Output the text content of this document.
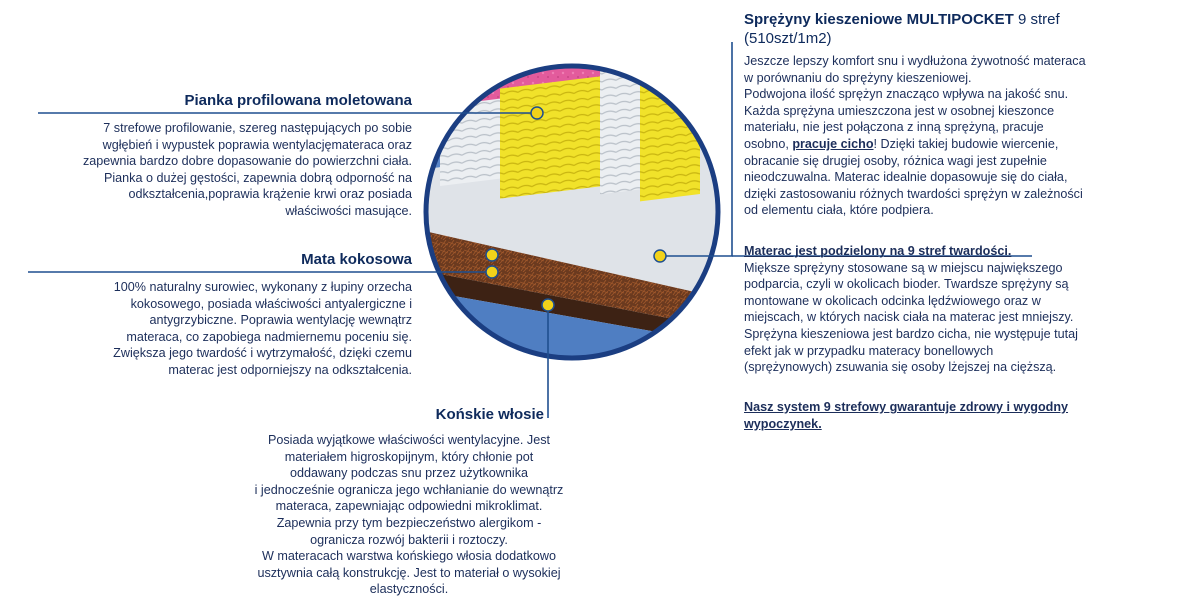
Pianka profilowana moletowana
7 strefowe profilowanie, szereg następujących po sobie
wgłębień i wypustek poprawia wentylacjęmateraca oraz
zapewnia bardzo dobre dopasowanie do powierzchni ciała.
Pianka o dużej gęstości, zapewnia dobrą odporność na
odkształcenia,poprawia krążenie krwi oraz posiada
właściwości masujące.
Mata kokosowa
100% naturalny surowiec, wykonany z łupiny orzecha
kokosowego, posiada właściwości antyalergiczne i
antygrzybiczne. Poprawia wentylację wewnątrz
materaca, co zapobiega nadmiernemu poceniu się.
Zwiększa jego twardość i wytrzymałość, dzięki czemu
materac jest odporniejszy na odkształcenia.
Końskie włosie
Posiada wyjątkowe właściwości wentylacyjne. Jest
materiałem higroskopijnym, który chłonie pot
oddawany podczas snu przez użytkownika
i jednocześnie ogranicza jego wchłanianie do wewnątrz
materaca, zapewniając odpowiedni mikroklimat.
Zapewnia przy tym bezpieczeństwo alergikom -
ogranicza rozwój bakterii i roztoczy.
W materacach warstwa końskiego włosia dodatkowo
usztywnia całą konstrukcję. Jest to materiał o wysokiej
elastyczności.
Sprężyny kieszeniowe MULTIPOCKET 9 stref
(510szt/1m2)
Jeszcze lepszy komfort snu i wydłużona żywotność materaca
w porównaniu do sprężyny kieszeniowej.
Podwojona ilość sprężyn znacząco wpływa na jakość snu.
Każda sprężyna umieszczona jest w osobnej kieszonce
materiału, nie jest połączona z inną sprężyną, pracuje
osobno, pracuje cicho! Dzięki takiej budowie wiercenie,
obracanie się drugiej osoby, różnica wagi jest zupełnie
nieodczuwalna. Materac idealnie dopasowuje się do ciała,
dzięki zastosowaniu różnych twardości sprężyn w zależności
od elementu ciała, które podpiera.
Materac jest podzielony na 9 stref twardości.
Miększe sprężyny stosowane są w miejscu największego
podparcia, czyli w okolicach bioder. Twardsze sprężyny są
montowane w okolicach odcinka lędźwiowego oraz w
miejscach, w których nacisk ciała na materac jest mniejszy.
Sprężyna kieszeniowa jest bardzo cicha, nie występuje tutaj
efekt jak w przypadku materacy bonellowych
(sprężynowych) zsuwania się osoby lżejszej na cięższą.
Nasz system 9 strefowy gwarantuje zdrowy i wygodny
wypoczynek.
